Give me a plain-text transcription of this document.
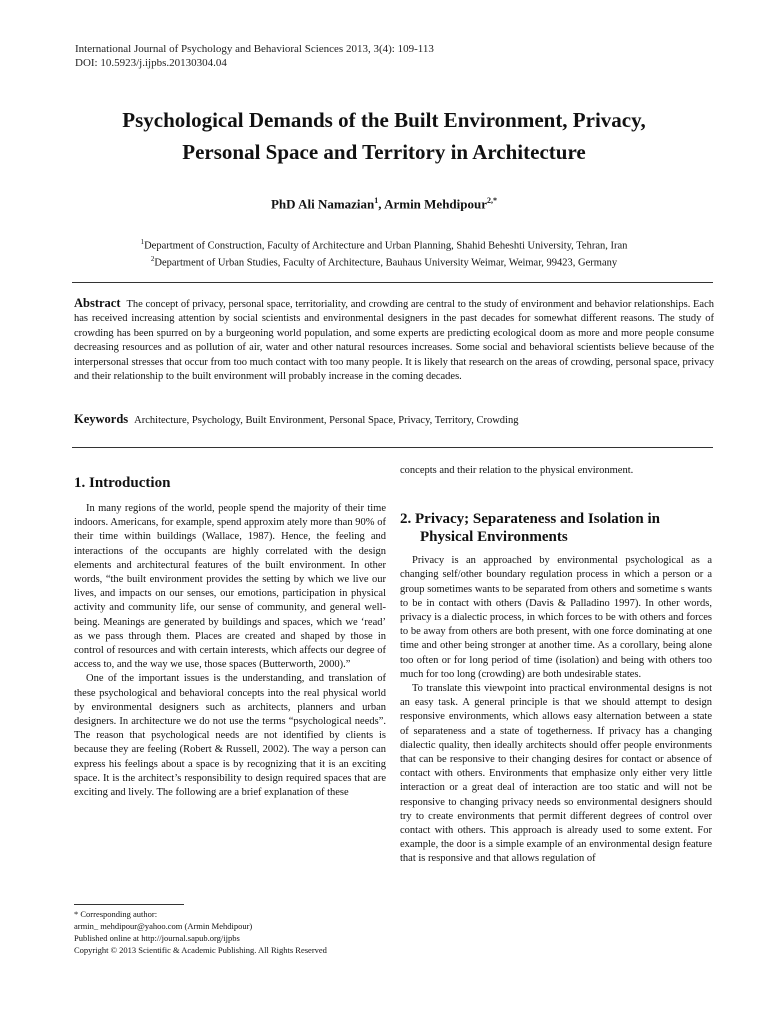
International Journal of Psychology and Behavioral Sciences 2013, 3(4): 109-113
DOI: 10.5923/j.ijpbs.20130304.04
Psychological Demands of the Built Environment, Privacy,
Personal Space and Territory in Architecture
PhD Ali Namazian$^1$, Armin Mehdipour$^{2,*}$
$^1$Department of Construction, Faculty of Architecture and Urban Planning, Shahid Beheshti University, Tehran, Iran
$^2$Department of Urban Studies, Faculty of Architecture, Bauhaus University Weimar, Weimar, 99423, Germany
Abstract The concept of privacy, personal space, territoriality, and crowding are central to the study of environment and behavior relationships. Each has received increasing attention by social scientists and environmental designers in the past decades for somewhat different reasons. The study of crowding has been spurred on by a burgeoning world population, and some experts are predicting ecological doom as more and more people consume decreasing resources and as pollution of air, water and other natural resources increases. Some social and behavioral scientists believe because of the interpersonal stresses that occur from too much contact with too many people. It is likely that research on the areas of crowding, personal space, privacy and their relationship to the built environment will probably increase in the coming decades.
Keywords Architecture, Psychology, Built Environment, Personal Space, Privacy, Territory, Crowding
1. Introduction

In many regions of the world, people spend the majority of their time indoors. Americans, for example, spend approxim ately more than 90% of their time within buildings (Wallace, 1987). Hence, the feeling and interactions of the occupants are highly correlated with the design elements and architectural features of the built environment. In other words, “the built environment provides the setting by which we live our lives, and impacts on our senses, our emotions, participation in physical activity and community life, our sense of community, and general well-being. Meanings are generated by buildings and spaces, which we ‘read’ as we pass through them. Places are created and shaped by those in control of resources and with certain interests, which affects our degree of access to, and the way we use, those spaces (Butterworth, 2000).”

One of the important issues is the understanding, and translation of these psychological and behavioral concepts into the real physical world by environmental designers such as architects, planners and urban designers. In architecture we do not use the terms “psychological needs”. The reason that psychological needs are not identified by clients is because they are feeling (Robert & Russell, 2002). The way a person can express his feelings about a space is by recognizing that it is an exciting space. It is the architect’s responsibility to design required spaces that are exciting and lively. The following are a brief explanation of these

* Corresponding author:
armin_ mehdipour@yahoo.com (Armin Mehdipour)
Published online at http://journal.sapub.org/ijpbs
Copyright © 2013 Scientific & Academic Publishing. All Rights Reserved

concepts and their relation to the physical environment.

2. Privacy; Separateness and Isolation in
Physical Environments

Privacy is an approached by environmental psychological as a changing self/other boundary regulation process in which a person or a group sometimes wants to be separated from others and sometime s wants to be in contact with others (Davis & Palladino 1997). In other words, privacy is a dialectic process, in which forces to be with others and forces to be away from others are both present, with one force dominating at one time and other being stronger at another time. As a corollary, being alone too often or for long period of time (isolation) and being with others too much for too long (crowding) are both undesirable states.

To translate this viewpoint into practical environmental designs is not an easy task. A general principle is that we should attempt to design responsive environments, which allows easy alternation between a state of separateness and a state of togetherness. If privacy has a changing dialectic quality, then ideally architects should offer people environments that can be responsive to their changing desires for contact or absence of contact with others. Environments that emphasize only either very little interaction or a great deal of interaction are too static and will not be responsive to changing privacy needs so environmental designers should try to create environments that permit different degrees of control over contact with others. This approach is already used to some extent. For example, the door is a simple example of an environmental design feature that is responsive and that allows regulation of
